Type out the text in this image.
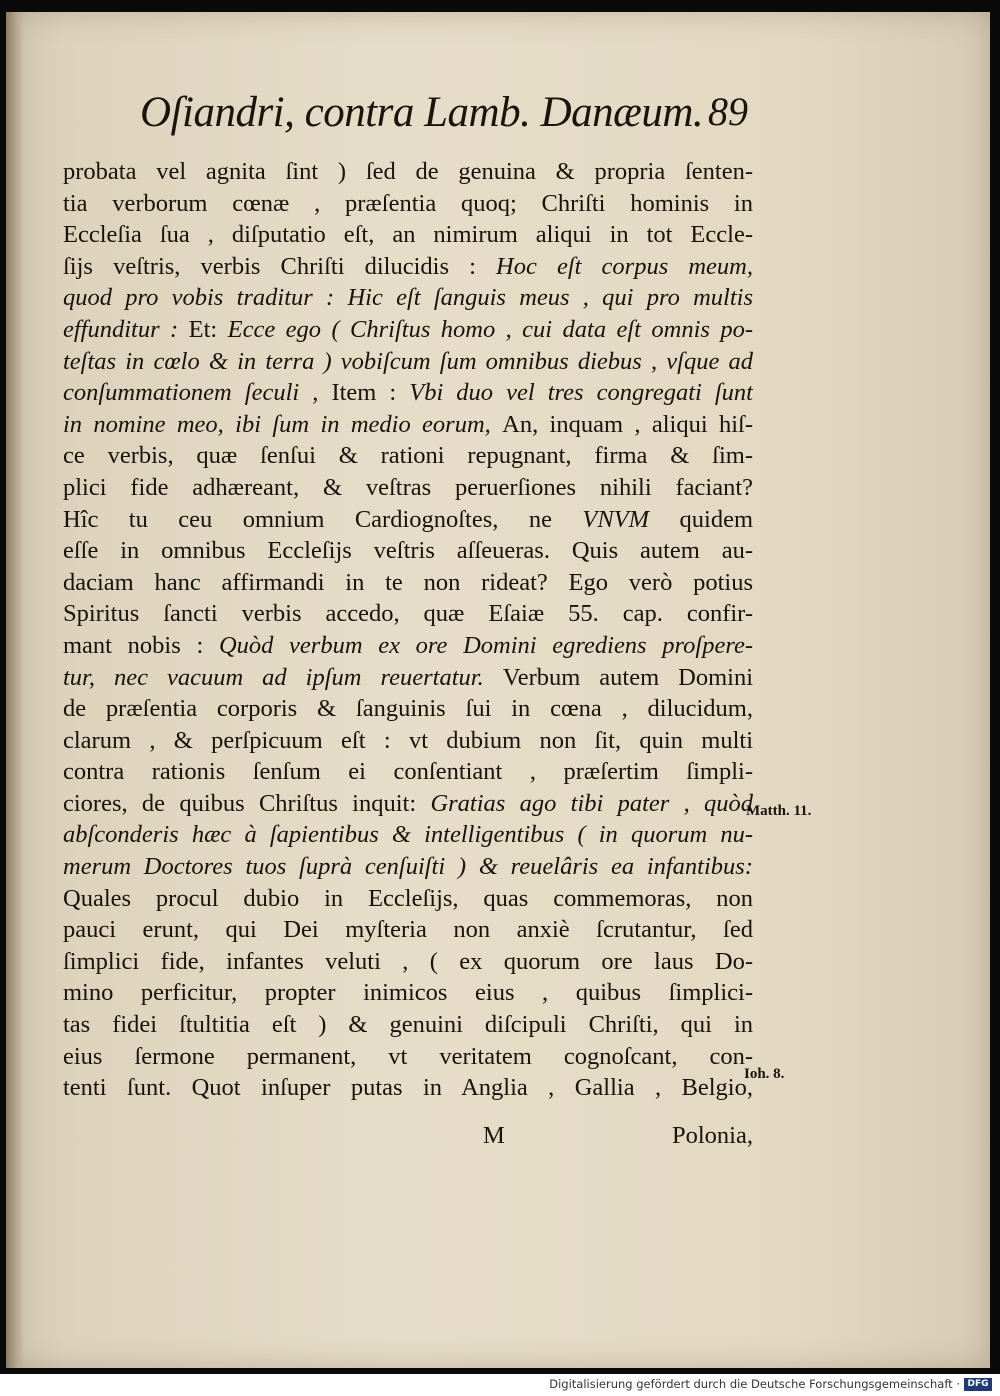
Oſiandri, contra Lamb. Danæum. 89
probata vel agnita ſint ) ſed de genuina & propria ſenten-
tia verborum cœnæ , præſentia quoq; Chriſti hominis in
Eccleſia ſua , diſputatio eſt, an nimirum aliqui in tot Eccle-
ſijs veſtris, verbis Chriſti dilucidis : Hoc eſt corpus meum,
quod pro vobis traditur : Hic eſt ſanguis meus , qui pro multis
effunditur : Et: Ecce ego ( Chriſtus homo , cui data eſt omnis po-
teſtas in cœlo & in terra ) vobiſcum ſum omnibus diebus , vſque ad
conſummationem ſeculi , Item : Vbi duo vel tres congregati ſunt
in nomine meo, ibi ſum in medio eorum, An, inquam , aliqui hiſ-
ce verbis, quæ ſenſui & rationi repugnant, firma & ſim-
plici fide adhæreant, & veſtras peruerſiones nihili faciant?
Hîc tu ceu omnium Cardiognoſtes, ne VNVM quidem
eſſe in omnibus Eccleſijs veſtris aſſeueras. Quis autem au-
daciam hanc affirmandi in te non rideat? Ego verò potius
Spiritus ſancti verbis accedo, quæ Eſaiæ 55. cap. confir-
mant nobis : Quòd verbum ex ore Domini egrediens proſpere-
tur, nec vacuum ad ipſum reuertatur. Verbum autem Domini
de præſentia corporis & ſanguinis ſui in cœna , dilucidum,
clarum , & perſpicuum eſt : vt dubium non ſit, quin multi
contra rationis ſenſum ei conſentiant , præſertim ſimpli-
ciores, de quibus Chriſtus inquit: Gratias ago tibi pater , quòd
abſconderis hæc à ſapientibus & intelligentibus ( in quorum nu-
merum Doctores tuos ſuprà cenſuiſti ) & reuelâris ea infantibus:
Quales procul dubio in Eccleſijs, quas commemoras, non
pauci erunt, qui Dei myſteria non anxiè ſcrutantur, ſed
ſimplici fide, infantes veluti , ( ex quorum ore laus Do-
mino perficitur, propter inimicos eius , quibus ſimplici-
tas fidei ſtultitia eſt ) & genuini diſcipuli Chriſti, qui in
eius ſermone permanent, vt veritatem cognoſcant, con-
tenti ſunt. Quot inſuper putas in Anglia , Gallia , Belgio,
Matth. 11.
Ioh. 8.
M	Polonia,
Digitalisierung gefördert durch die Deutsche Forschungsgemeinschaft · DFG
